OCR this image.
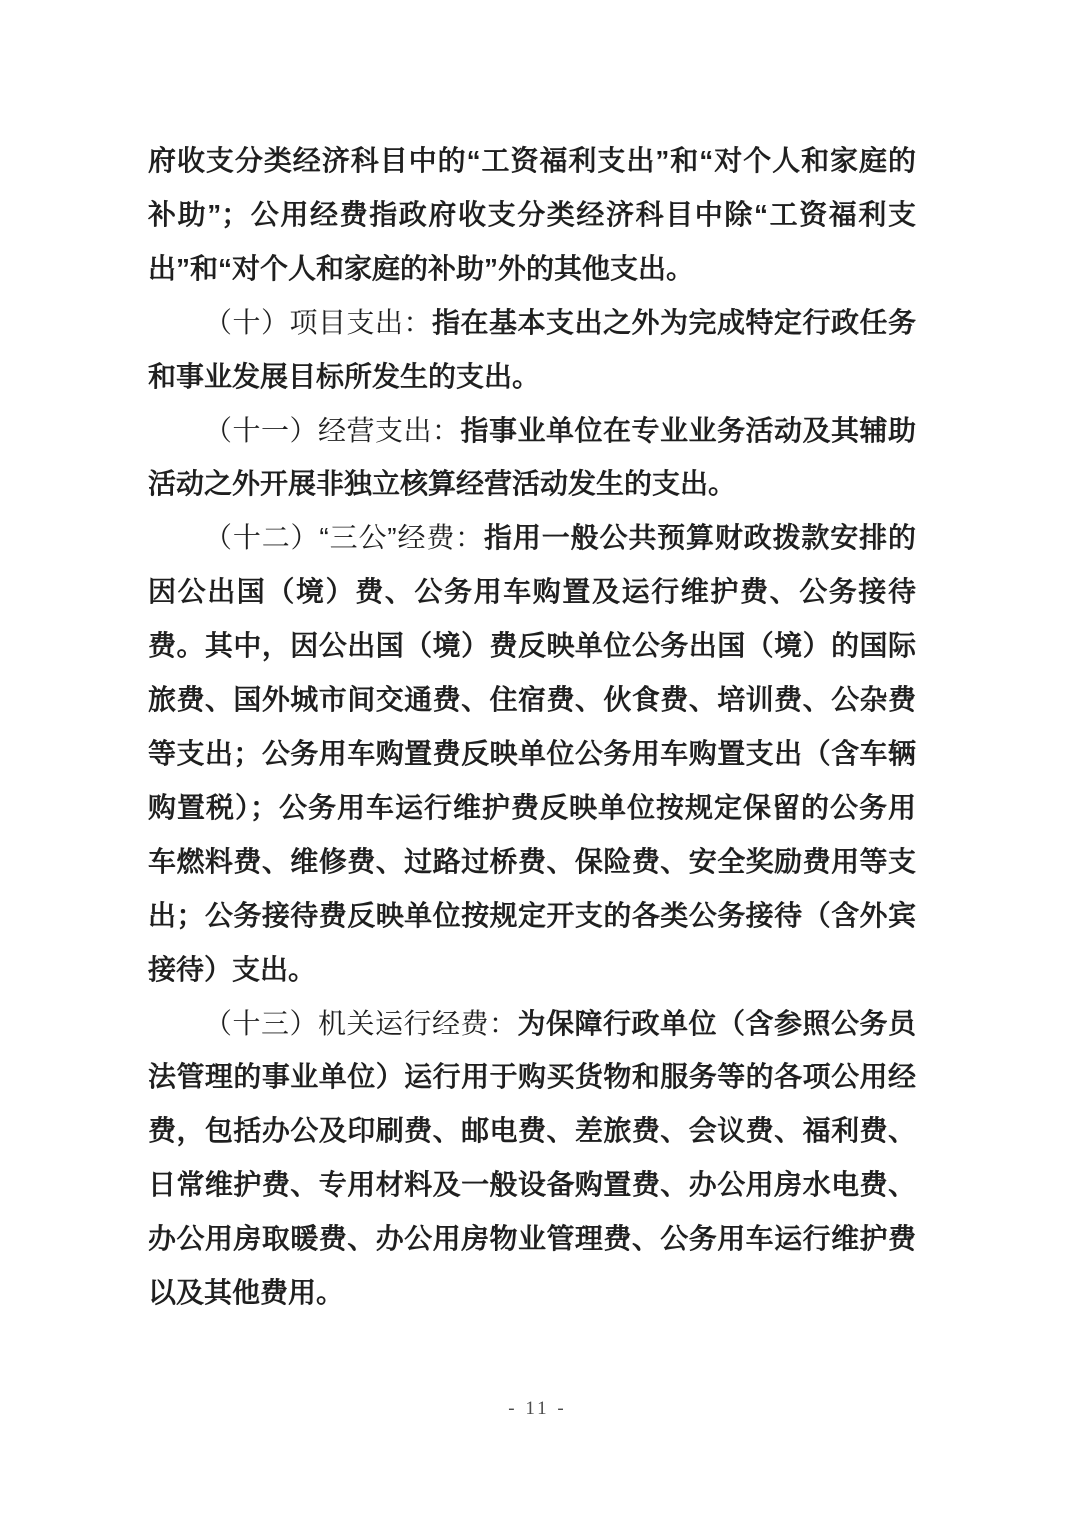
府收支分类经济科目中的“工资福利支出”和“对个人和家庭的补助”；公用经费指政府收支分类经济科目中除“工资福利支出”和“对个人和家庭的补助”外的其他支出。

（十）项目支出：指在基本支出之外为完成特定行政任务和事业发展目标所发生的支出。

（十一）经营支出：指事业单位在专业业务活动及其辅助活动之外开展非独立核算经营活动发生的支出。

（十二）“三公”经费：指用一般公共预算财政拨款安排的因公出国（境）费、公务用车购置及运行维护费、公务接待费。其中，因公出国（境）费反映单位公务出国（境）的国际旅费、国外城市间交通费、住宿费、伙食费、培训费、公杂费等支出；公务用车购置费反映单位公务用车购置支出（含车辆购置税）；公务用车运行维护费反映单位按规定保留的公务用车燃料费、维修费、过路过桥费、保险费、安全奖励费用等支出；公务接待费反映单位按规定开支的各类公务接待（含外宾接待）支出。

（十三）机关运行经费：为保障行政单位（含参照公务员法管理的事业单位）运行用于购买货物和服务等的各项公用经费，包括办公及印刷费、邮电费、差旅费、会议费、福利费、日常维护费、专用材料及一般设备购置费、办公用房水电费、办公用房取暖费、办公用房物业管理费、公务用车运行维护费以及其他费用。

- 11 -
